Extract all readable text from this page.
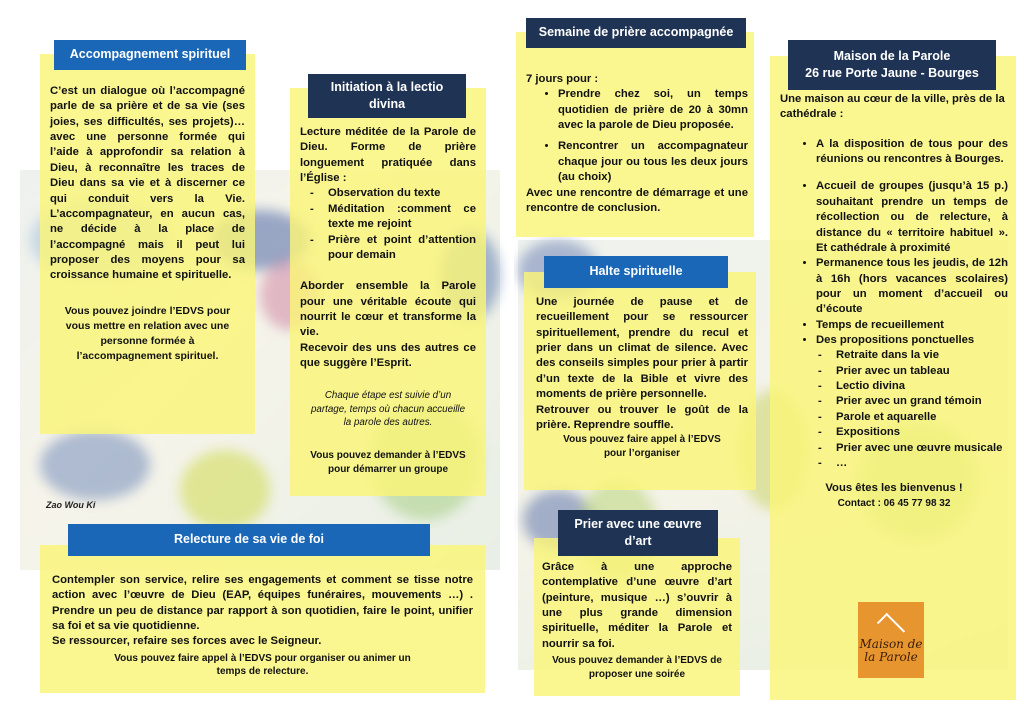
C’est un dialogue où l’accompagné parle de sa prière et de sa vie (ses joies, ses difficultés, ses projets)… avec une personne formée qui l’aide à approfondir sa relation à Dieu, à reconnaître les traces de Dieu dans sa vie et à discerner ce qui conduit vers la Vie. L’accompagnateur, en aucun cas, ne décide à la place de l’accompagné mais il peut lui proposer des moyens pour sa croissance humaine et spirituelle.

Vous pouvez joindre l’EDVS pour vous mettre en relation avec une personne formée à l’accompagnement spirituel.

Accompagnement spirituel

Lecture méditée de la Parole de Dieu. Forme de prière longuement pratiquée dans l’Église :

- Observation du texte
- Méditation :comment ce texte me rejoint
- Prière et point d’attention pour demain

Aborder ensemble la Parole pour une véritable écoute qui nourrit le cœur et transforme la vie.

Recevoir des uns des autres ce que suggère l’Esprit.

Chaque étape est suivie d’un partage, temps où chacun accueille la parole des autres.

Vous pouvez demander à l’EDVS pour démarrer un groupe

Initiation à la lectio divina
Zao Wou Ki

Contempler son service, relire ses engagements et comment se tisse notre action avec l’œuvre de Dieu (EAP, équipes funéraires, mouvements …) . Prendre un peu de distance par rapport à son quotidien, faire le point, unifier sa foi et sa vie quotidienne.

Se ressourcer, refaire ses forces avec le Seigneur.

Vous pouvez faire appel à l’EDVS pour organiser ou animer un temps de relecture.

Relecture de sa vie de foi

7 jours pour :

• Prendre chez soi, un temps quotidien de prière de 20 à 30mn avec la parole de Dieu proposée.
• Rencontrer un accompagnateur chaque jour ou tous les deux jours (au choix)

Avec une rencontre de démarrage et une rencontre de conclusion.

Semaine de prière accompagnée

Une journée de pause et de recueillement pour se ressourcer spirituellement, prendre du recul et prier dans un climat de silence. Avec des conseils simples pour prier à partir d’un texte de la Bible et vivre des moments de prière personnelle.

Retrouver ou trouver le goût de la prière. Reprendre souffle.

Vous pouvez faire appel à l’EDVS pour l’organiser

Halte spirituelle

Grâce à une approche contemplative d’une œuvre d’art (peinture, musique …) s’ouvrir à une plus grande dimension spirituelle, méditer la Parole et nourrir sa foi.

Vous pouvez demander à l’EDVS de proposer une soirée

Prier avec une œuvre d’art

Une maison au cœur de la ville, près de la cathédrale :

• A la disposition de tous pour des réunions ou rencontres à Bourges.
• Accueil de groupes (jusqu’à 15 p.) souhaitant prendre un temps de récollection ou de relecture, à distance du « territoire habituel ». Et cathédrale à proximité
• Permanence tous les jeudis, de 12h à 16h (hors vacances scolaires) pour un moment d’accueil ou d’écoute
• Temps de recueillement
• Des propositions ponctuelles
- Retraite dans la vie
- Prier avec un tableau
- Lectio divina
- Prier avec un grand témoin
- Parole et aquarelle
- Expositions
- Prier avec une œuvre musicale
- …

Vous êtes les bienvenus !

Contact : 06 45 77 98 32

Maison de la Parole
26 rue Porte Jaune - Bourges
Maison de la Parole
